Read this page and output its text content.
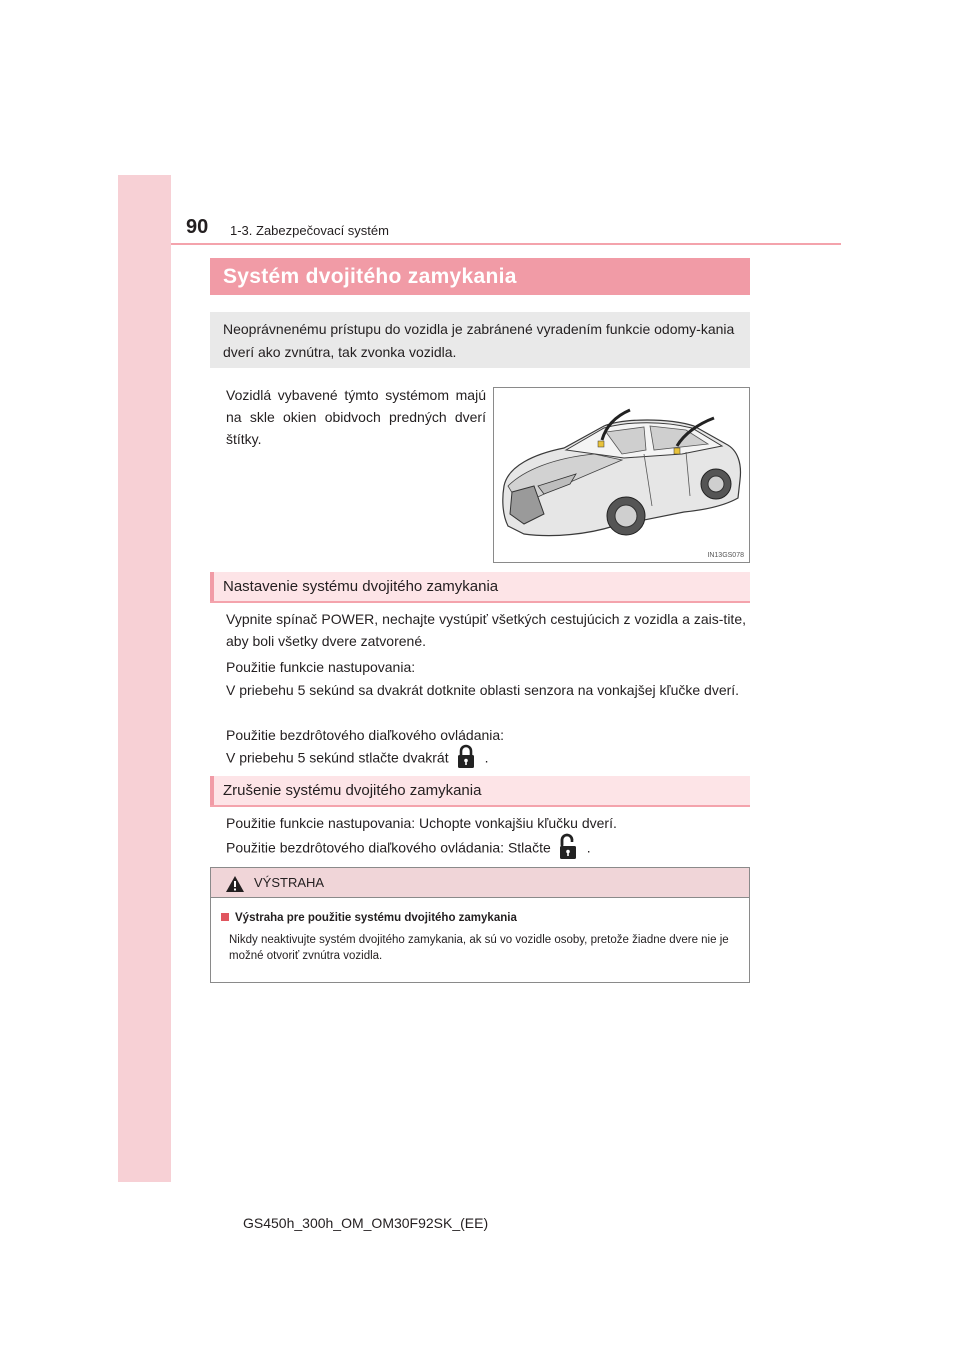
90 1-3. Zabezpečovací systém
Systém dvojitého zamykania
Neoprávnenému prístupu do vozidla je zabránené vyradením funkcie odomy-kania dverí ako zvnútra, tak zvonka vozidla.

Vozidlá vybavené týmto systémom majú na skle okien obidvoch predných dverí štítky.

IN13GS078
Nastavenie systému dvojitého zamykania

Vypnite spínač POWER, nechajte vystúpiť všetkých cestujúcich z vozidla a zais-tite, aby boli všetky dvere zatvorené.

Použitie funkcie nastupovania:

V priebehu 5 sekúnd sa dvakrát dotknite oblasti senzora na vonkajšej kľučke dverí.

Použitie bezdrôtového diaľkového ovládania:

V priebehu 5 sekúnd stlačte dvakrát	.

Zrušenie systému dvojitého zamykania

Použitie funkcie nastupovania: Uchopte vonkajšiu kľučku dverí.

Použitie bezdrôtového diaľkového ovládania: Stlačte	.

VÝSTRAHA
Výstraha pre použitie systému dvojitého zamykania
Nikdy neaktivujte systém dvojitého zamykania, ak sú vo vozidle osoby, pretože žiadne dvere nie je možné otvoriť zvnútra vozidla.
GS450h_300h_OM_OM30F92SK_(EE)
